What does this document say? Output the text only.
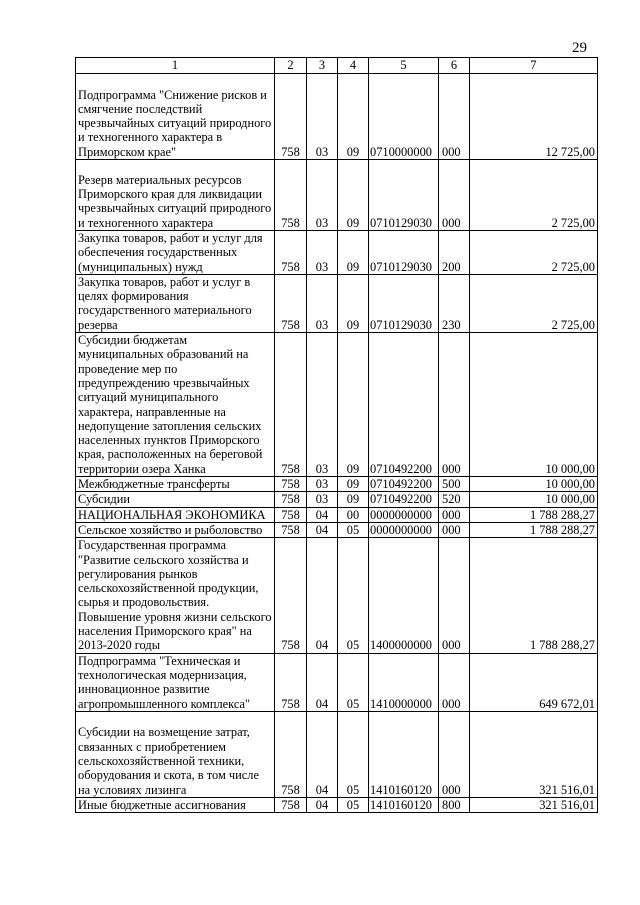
29
1	2	3	4	5	6	7
Подпрограмма "Снижение рисков и смягчение последствий чрезвычайных ситуаций природного и техногенного характера в Приморском крае"	758	03	09	0710000000	000	12 725,00
Резерв материальных ресурсов Приморского края для ликвидации чрезвычайных ситуаций природного и техногенного характера	758	03	09	0710129030	000	2 725,00
Закупка товаров, работ и услуг для обеспечения государственных (муниципальных) нужд	758	03	09	0710129030	200	2 725,00
Закупка товаров, работ и услуг в целях формирования государственного материального резерва	758	03	09	0710129030	230	2 725,00
Субсидии бюджетам муниципальных образований на проведение мер по предупреждению чрезвычайных ситуаций муниципального характера, направленные на недопущение затопления сельских населенных пунктов Приморского края, расположенных на береговой территории озера Ханка	758	03	09	0710492200	000	10 000,00
Межбюджетные трансферты	758	03	09	0710492200	500	10 000,00
Субсидии	758	03	09	0710492200	520	10 000,00
НАЦИОНАЛЬНАЯ ЭКОНОМИКА	758	04	00	0000000000	000	1 788 288,27
Сельское хозяйство и рыболовство	758	04	05	0000000000	000	1 788 288,27
Государственная программа "Развитие сельского хозяйства и регулирования рынков сельскохозяйственной продукции, сырья и продовольствия. Повышение уровня жизни сельского населения Приморского края" на 2013-2020 годы	758	04	05	1400000000	000	1 788 288,27
Подпрограмма "Техническая и технологическая модернизация, инновационное развитие агропромышленного комплекса"	758	04	05	1410000000	000	649 672,01
Субсидии на возмещение затрат, связанных с приобретением сельскохозяйственной техники, оборудования и скота, в том числе на условиях лизинга	758	04	05	1410160120	000	321 516,01
Иные бюджетные ассигнования	758	04	05	1410160120	800	321 516,01
